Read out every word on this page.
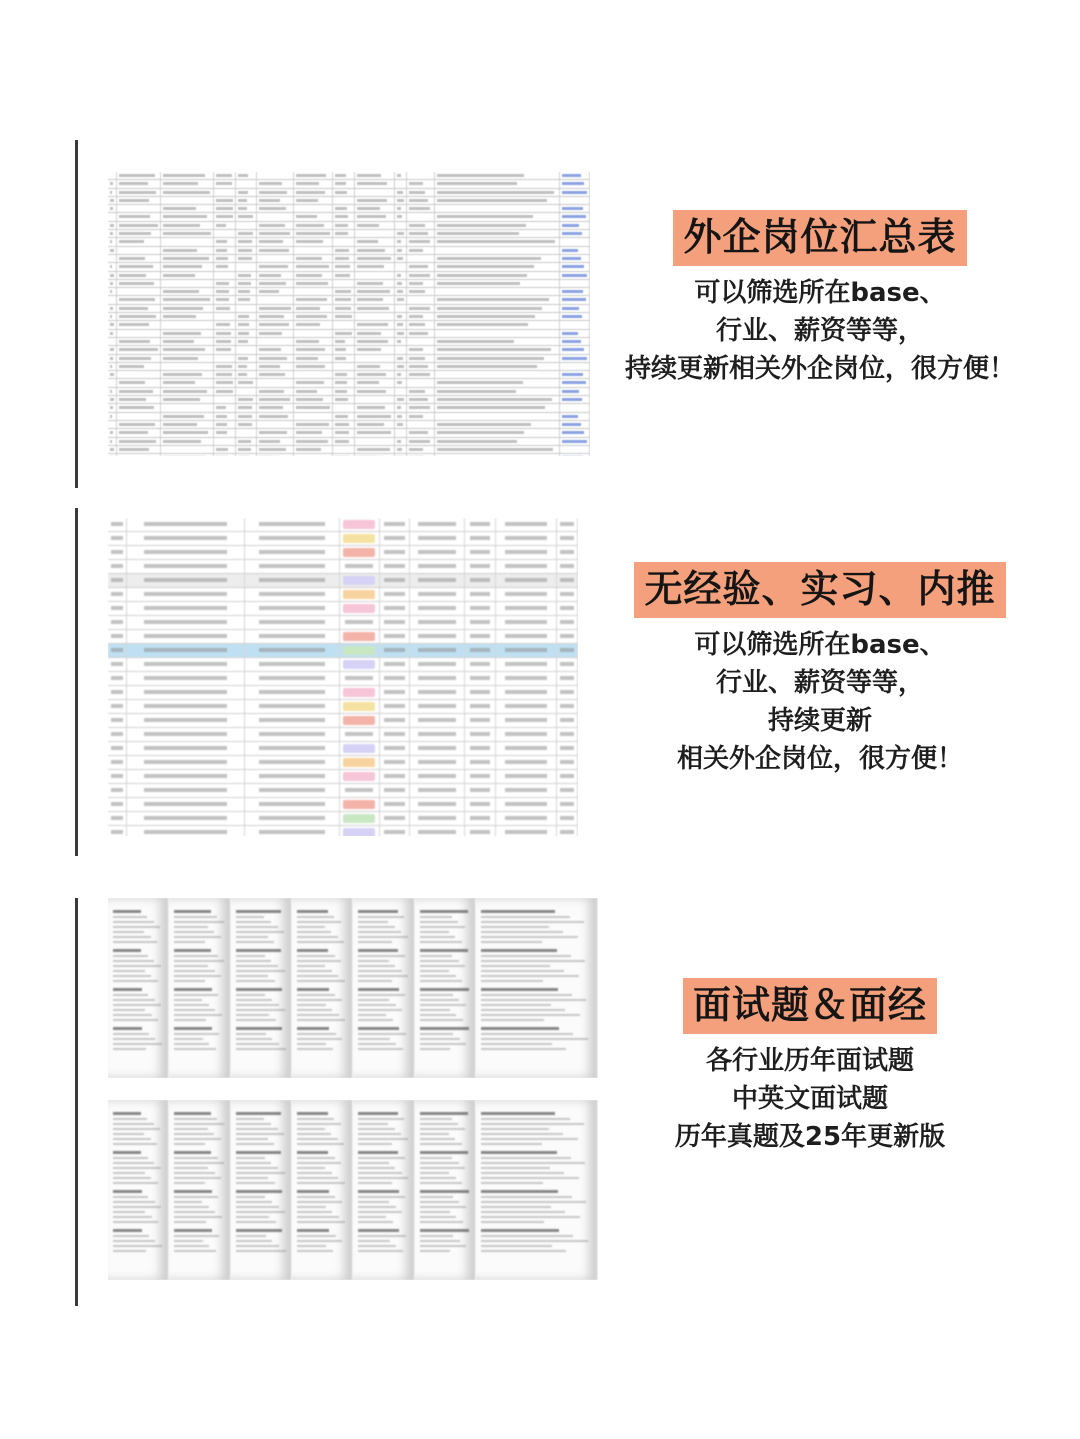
外企岗位汇总表
可以筛选所在base、
行业、薪资等等，
持续更新相关外企岗位，很方便！
无经验、实习、内推
可以筛选所在base、
行业、薪资等等，
持续更新
相关外企岗位，很方便！
面试题＆面经
各行业历年面试题
中英文面试题
历年真题及25年更新版
